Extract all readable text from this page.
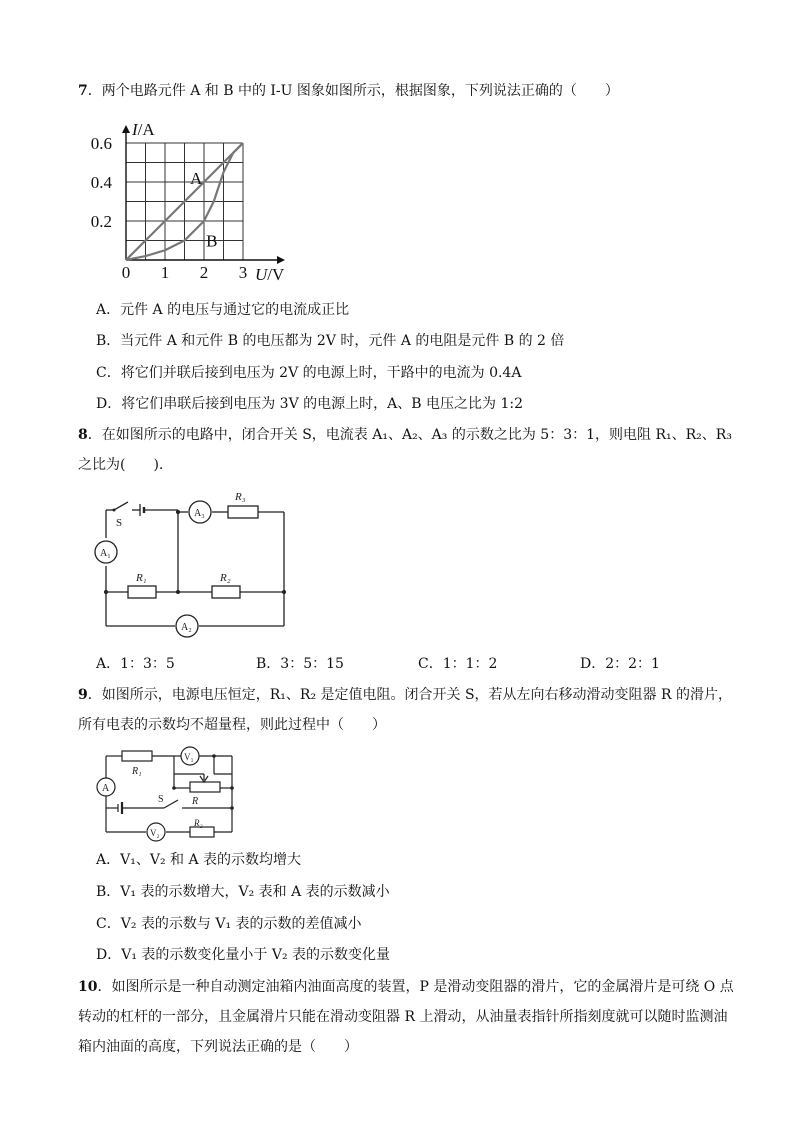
7．两个电路元件 A 和 B 中的 I-U 图象如图所示，根据图象，下列说法正确的（　　）
0 1 2 3
0.2
0.4
0.6
U/V
I/A
A
B
A．元件 A 的电压与通过它的电流成正比
B．当元件 A 和元件 B 的电压都为 2V 时，元件 A 的电阻是元件 B 的 2 倍
C．将它们并联后接到电压为 2V 的电源上时，干路中的电流为 0.4A
D．将它们串联后接到电压为 3V 的电源上时，A、B 电压之比为 1:2
8．在如图所示的电路中，闭合开关 S，电流表 A₁、A₂、A₃ 的示数之比为 5：3：1，则电阻 R₁、R₂、R₃ 之比为(　　).
S
A₁
A₃
A₂
R₃
R₁	R₂
A．1：3：5	B．3：5：15	C．1：1：2	D．2：2：1
9．如图所示，电源电压恒定，R₁、R₂ 是定值电阻。闭合开关 S，若从左向右移动滑动变阻器 R 的滑片，所有电表的示数均不超量程，则此过程中（　　）
A
V₁
V₂
R₁
R
R₂
S
A．V₁、V₂ 和 A 表的示数均增大
B．V₁ 表的示数增大，V₂ 表和 A 表的示数减小
C．V₂ 表的示数与 V₁ 表的示数的差值减小
D．V₁ 表的示数变化量小于 V₂ 表的示数变化量
10．如图所示是一种自动测定油箱内油面高度的装置，P 是滑动变阻器的滑片，它的金属滑片是可绕 O 点转动的杠杆的一部分，且金属滑片只能在滑动变阻器 R 上滑动，从油量表指针所指刻度就可以随时监测油箱内油面的高度，下列说法正确的是（　　）
